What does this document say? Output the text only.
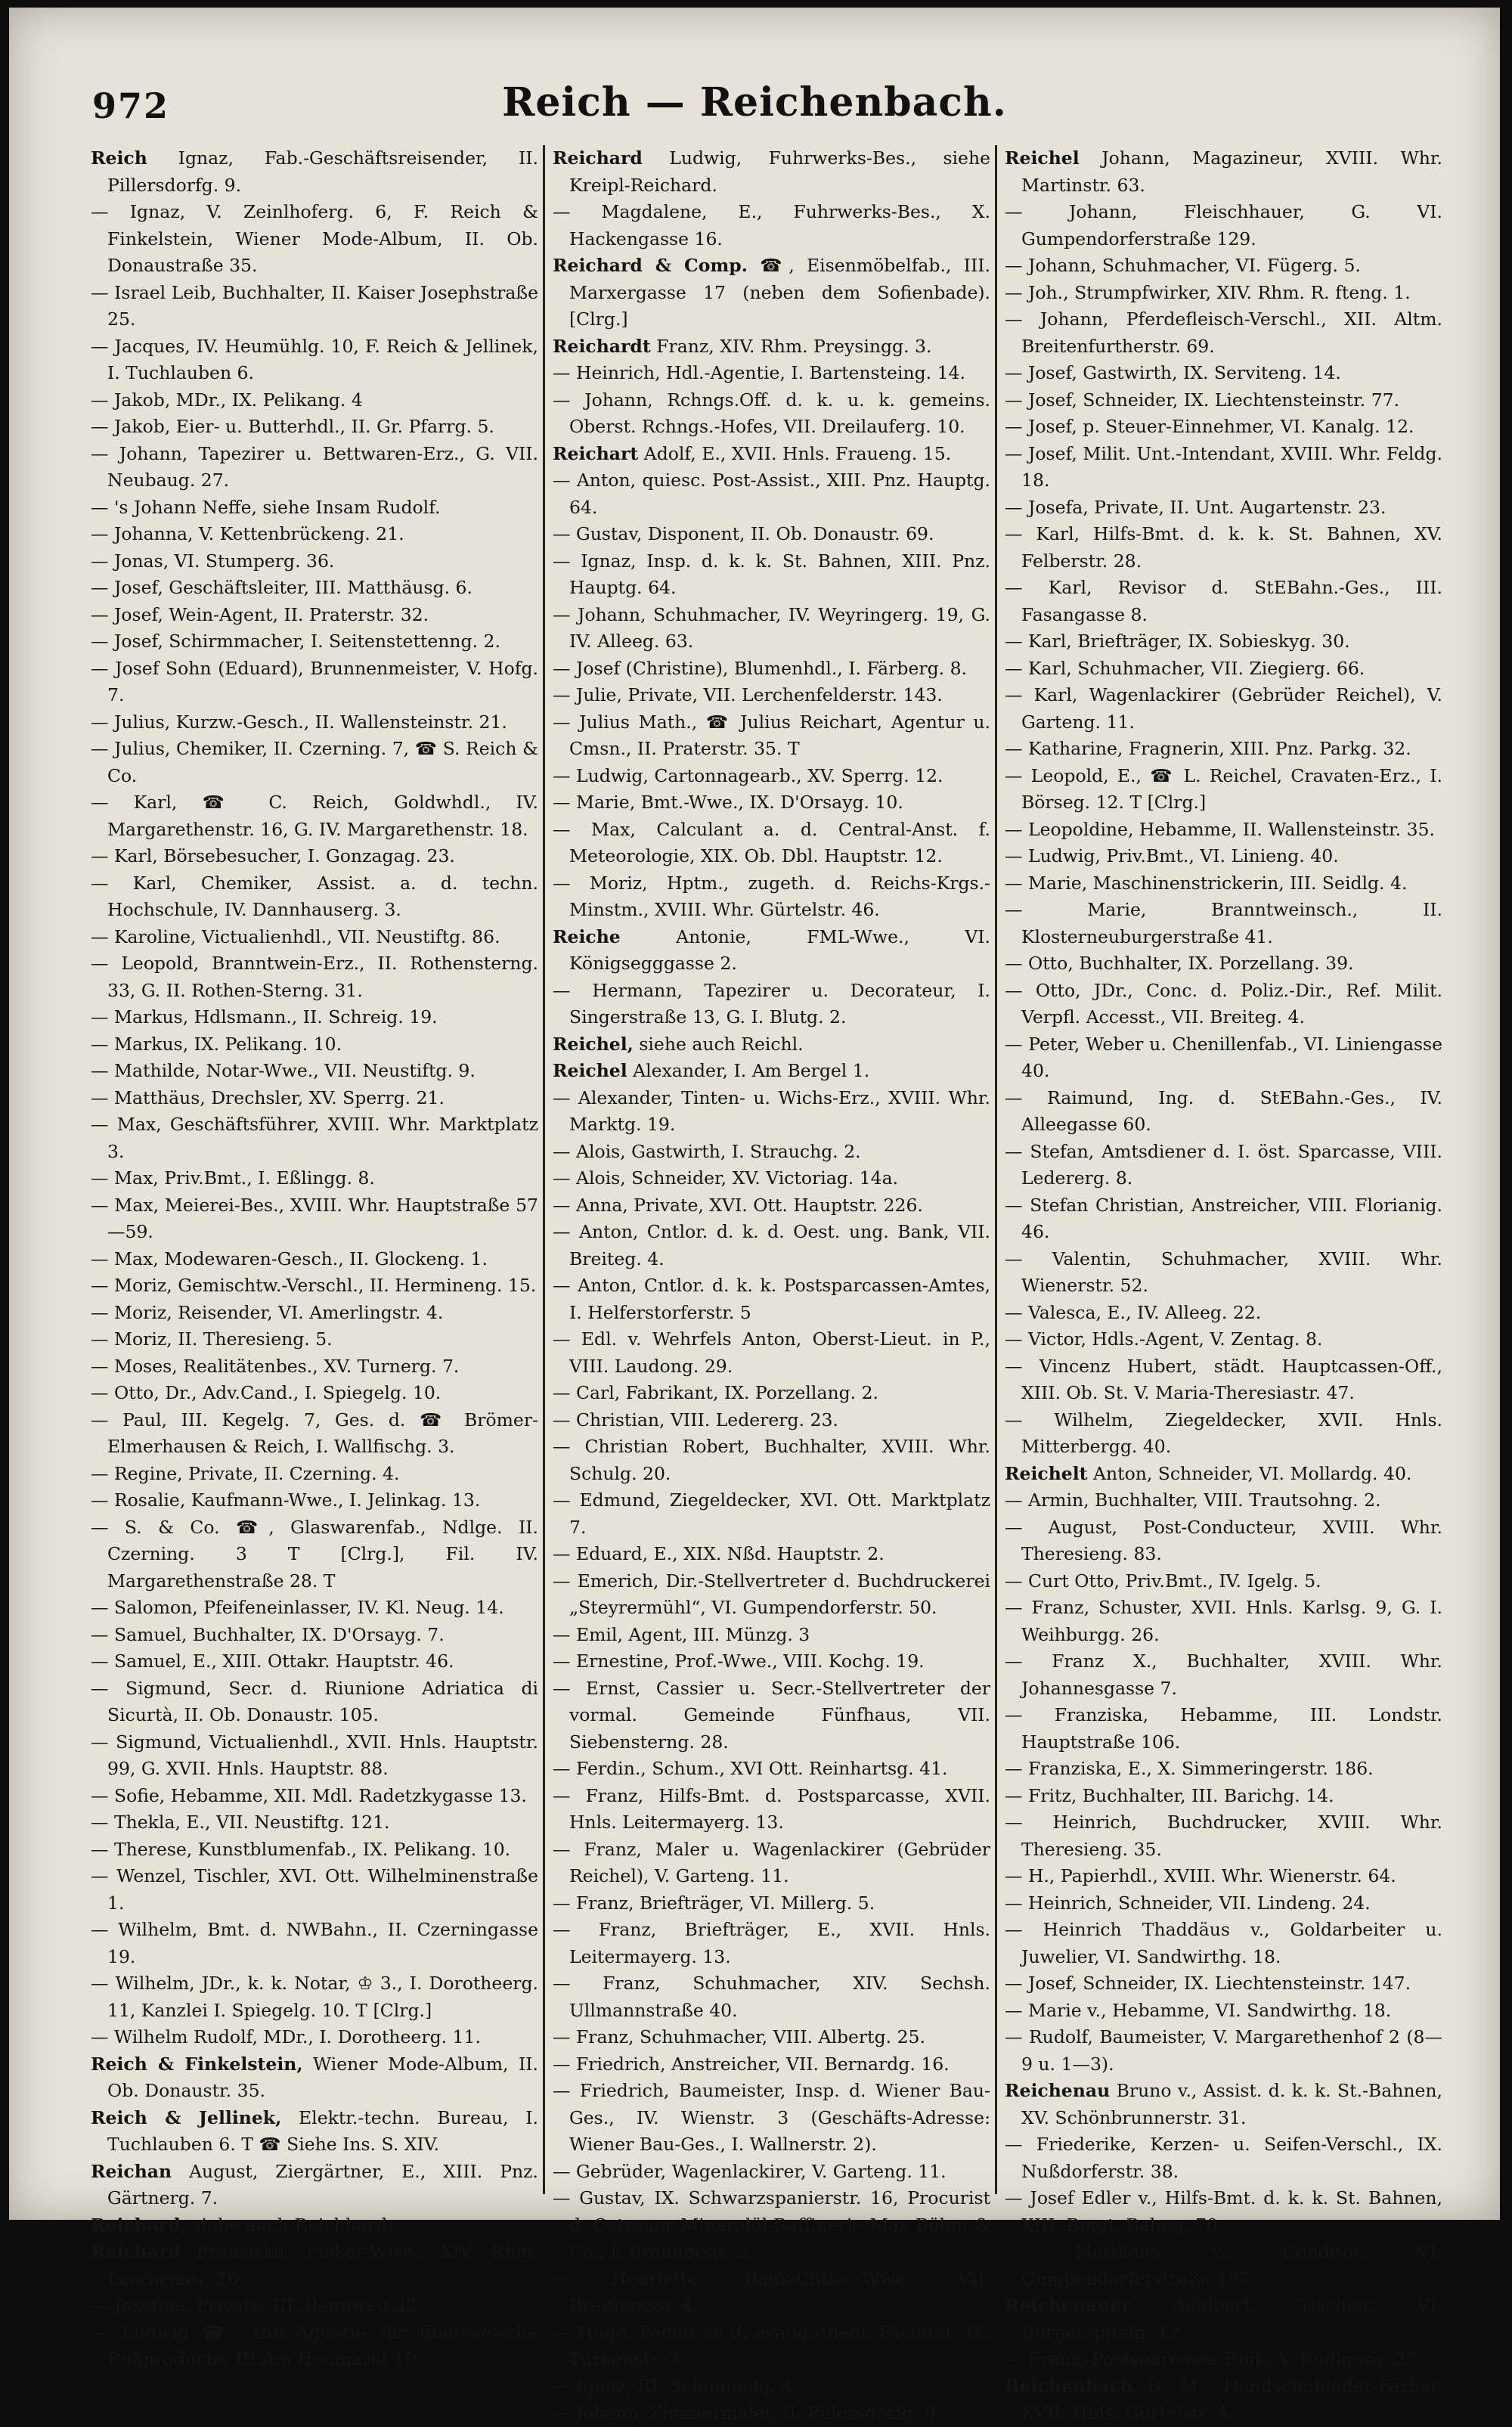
972	Reich — Reichenbach.
Reich Ignaz, Fab.-Geschäftsreisender, II. Pillersdorfg. 9.
— Ignaz, V. Zeinlhoferg. 6, F. Reich & Finkelstein, Wiener Mode-Album, II. Ob. Donaustraße 35.
— Israel Leib, Buchhalter, II. Kaiser Josephstraße 25.
— Jacques, IV. Heumühlg. 10, F. Reich & Jellinek, I. Tuchlauben 6.
— Jakob, MDr., IX. Pelikang. 4
— Jakob, Eier- u. Butterhdl., II. Gr. Pfarrg. 5.
— Johann, Tapezirer u. Bettwaren-Erz., G. VII. Neubaug. 27.
— 's Johann Neffe, siehe Insam Rudolf.
— Johanna, V. Kettenbrückeng. 21.
— Jonas, VI. Stumperg. 36.
— Josef, Geschäftsleiter, III. Matthäusg. 6.
— Josef, Wein-Agent, II. Praterstr. 32.
— Josef, Schirmmacher, I. Seitenstettenng. 2.
— Josef Sohn (Eduard), Brunnenmeister, V. Hofg. 7.
— Julius, Kurzw.-Gesch., II. Wallensteinstr. 21.
— Julius, Chemiker, II. Czerning. 7, ☎ S. Reich & Co.
— Karl, ☎ C. Reich, Goldwhdl., IV. Margarethenstr. 16, G. IV. Margarethenstr. 18.
— Karl, Börsebesucher, I. Gonzagag. 23.
— Karl, Chemiker, Assist. a. d. techn. Hochschule, IV. Dannhauserg. 3.
— Karoline, Victualienhdl., VII. Neustiftg. 86.
— Leopold, Branntwein-Erz., II. Rothensterng. 33, G. II. Rothen-Sterng. 31.
— Markus, Hdlsmann., II. Schreig. 19.
— Markus, IX. Pelikang. 10.
— Mathilde, Notar-Wwe., VII. Neustiftg. 9.
— Matthäus, Drechsler, XV. Sperrg. 21.
— Max, Geschäftsführer, XVIII. Whr. Marktplatz 3.
— Max, Priv.Bmt., I. Eßlingg. 8.
— Max, Meierei-Bes., XVIII. Whr. Hauptstraße 57—59.
— Max, Modewaren-Gesch., II. Glockeng. 1.
— Moriz, Gemischtw.-Verschl., II. Hermineng. 15.
— Moriz, Reisender, VI. Amerlingstr. 4.
— Moriz, II. Theresieng. 5.
— Moses, Realitätenbes., XV. Turnerg. 7.
— Otto, Dr., Adv.Cand., I. Spiegelg. 10.
— Paul, III. Kegelg. 7, Ges. d. ☎ Brömer-Elmerhausen & Reich, I. Wallfischg. 3.
— Regine, Private, II. Czerning. 4.
— Rosalie, Kaufmann-Wwe., I. Jelinkag. 13.
— S. & Co. ☎, Glaswarenfab., Ndlge. II. Czerning. 3 T [Clrg.], Fil. IV. Margarethenstraße 28. T
— Salomon, Pfeifeneinlasser, IV. Kl. Neug. 14.
— Samuel, Buchhalter, IX. D'Orsayg. 7.
— Samuel, E., XIII. Ottakr. Hauptstr. 46.
— Sigmund, Secr. d. Riunione Adriatica di Sicurtà, II. Ob. Donaustr. 105.
— Sigmund, Victualienhdl., XVII. Hnls. Hauptstr. 99, G. XVII. Hnls. Hauptstr. 88.
— Sofie, Hebamme, XII. Mdl. Radetzkygasse 13.
— Thekla, E., VII. Neustiftg. 121.
— Therese, Kunstblumenfab., IX. Pelikang. 10.
— Wenzel, Tischler, XVI. Ott. Wilhelminenstraße 1.
— Wilhelm, Bmt. d. NWBahn., II. Czerningasse 19.
— Wilhelm, JDr., k. k. Notar, ♔ 3., I. Dorotheerg. 11, Kanzlei I. Spiegelg. 10. T [Clrg.]
— Wilhelm Rudolf, MDr., I. Dorotheerg. 11.
Reich & Finkelstein, Wiener Mode-Album, II. Ob. Donaustr. 35.
Reich & Jellinek, Elektr.-techn. Bureau, I. Tuchlauben 6. T ☎ Siehe Ins. S. XIV.
Reichan August, Ziergärtner, E., XIII. Pnz. Gärtnerg. 7.
Reichard, siehe auch Reichhard.
Reichard Franziska, Fiaker-Wwe., XIV. Rhm. Lerchenstr. 26.
— Josefine, Private, III. Rennweg 32.
— Ludwig ☎, Hdl.-Agentie für überseeische Rohproducte, III Am Heumarkt 19.
Reichard Ludwig, Fuhrwerks-Bes., siehe Kreipl-Reichard.
— Magdalene, E., Fuhrwerks-Bes., X. Hackengasse 16.
Reichard & Comp. ☎, Eisenmöbelfab., III. Marxergasse 17 (neben dem Sofienbade). [Clrg.]
Reichardt Franz, XIV. Rhm. Preysingg. 3.
— Heinrich, Hdl.-Agentie, I. Bartensteing. 14.
— Johann, Rchngs.Off. d. k. u. k. gemeins. Oberst. Rchngs.-Hofes, VII. Dreilauferg. 10.
Reichart Adolf, E., XVII. Hnls. Fraueng. 15.
— Anton, quiesc. Post-Assist., XIII. Pnz. Hauptg. 64.
— Gustav, Disponent, II. Ob. Donaustr. 69.
— Ignaz, Insp. d. k. k. St. Bahnen, XIII. Pnz. Hauptg. 64.
— Johann, Schuhmacher, IV. Weyringerg. 19, G. IV. Alleeg. 63.
— Josef (Christine), Blumenhdl., I. Färberg. 8.
— Julie, Private, VII. Lerchenfelderstr. 143.
— Julius Math., ☎ Julius Reichart, Agentur u. Cmsn., II. Praterstr. 35. T
— Ludwig, Cartonnagearb., XV. Sperrg. 12.
— Marie, Bmt.-Wwe., IX. D'Orsayg. 10.
— Max, Calculant a. d. Central-Anst. f. Meteorologie, XIX. Ob. Dbl. Hauptstr. 12.
— Moriz, Hptm., zugeth. d. Reichs-Krgs.-Minstm., XVIII. Whr. Gürtelstr. 46.
Reiche Antonie, FML-Wwe., VI. Königsegggasse 2.
— Hermann, Tapezirer u. Decorateur, I. Singerstraße 13, G. I. Blutg. 2.
Reichel, siehe auch Reichl.
Reichel Alexander, I. Am Bergel 1.
— Alexander, Tinten- u. Wichs-Erz., XVIII. Whr. Marktg. 19.
— Alois, Gastwirth, I. Strauchg. 2.
— Alois, Schneider, XV. Victoriag. 14a.
— Anna, Private, XVI. Ott. Hauptstr. 226.
— Anton, Cntlor. d. k. d. Oest. ung. Bank, VII. Breiteg. 4.
— Anton, Cntlor. d. k. k. Postsparcassen-Amtes, I. Helferstorferstr. 5
— Edl. v. Wehrfels Anton, Oberst-Lieut. in P., VIII. Laudong. 29.
— Carl, Fabrikant, IX. Porzellang. 2.
— Christian, VIII. Ledererg. 23.
— Christian Robert, Buchhalter, XVIII. Whr. Schulg. 20.
— Edmund, Ziegeldecker, XVI. Ott. Marktplatz 7.
— Eduard, E., XIX. Nßd. Hauptstr. 2.
— Emerich, Dir.-Stellvertreter d. Buchdruckerei „Steyrermühl“, VI. Gumpendorferstr. 50.
— Emil, Agent, III. Münzg. 3
— Ernestine, Prof.-Wwe., VIII. Kochg. 19.
— Ernst, Cassier u. Secr.-Stellvertreter der vormal. Gemeinde Fünfhaus, VII. Siebensterng. 28.
— Ferdin., Schum., XVI Ott. Reinhartsg. 41.
— Franz, Hilfs-Bmt. d. Postsparcasse, XVII. Hnls. Leitermayerg. 13.
— Franz, Maler u. Wagenlackirer (Gebrüder Reichel), V. Garteng. 11.
— Franz, Briefträger, VI. Millerg. 5.
— Franz, Briefträger, E., XVII. Hnls. Leitermayerg. 13.
— Franz, Schuhmacher, XIV. Sechsh. Ullmannstraße 40.
— Franz, Schuhmacher, VIII. Albertg. 25.
— Friedrich, Anstreicher, VII. Bernardg. 16.
— Friedrich, Baumeister, Insp. d. Wiener Bau-Ges., IV. Wienstr. 3 (Geschäfts-Adresse: Wiener Bau-Ges., I. Wallnerstr. 2).
— Gebrüder, Wagenlackirer, V. Garteng. 11.
— Gustav, IX. Schwarzspanierstr. 16, Procurist d. Ostrauer Mineralöl-Raffinerie Max Böhm & Co., I. Bräunerstr. 2.
— Henriette, Bank-Cntlor.-Wwe., VII. Breitegasse 4.
— Hugo, Pedell an d. evang.-theol. Facultät, IX. Türkenstr. 3.
— Ignaz, III. Schimmelg. 4.
— Johann, Zimmermaler, II. Pillersdorfg. 8.
Reichel Johann, Magazineur, XVIII. Whr. Martinstr. 63.
— Johann, Fleischhauer, G. VI. Gumpendorferstraße 129.
— Johann, Schuhmacher, VI. Fügerg. 5.
— Joh., Strumpfwirker, XIV. Rhm. R. fteng. 1.
— Johann, Pferdefleisch-Verschl., XII. Altm. Breitenfurtherstr. 69.
— Josef, Gastwirth, IX. Serviteng. 14.
— Josef, Schneider, IX. Liechtensteinstr. 77.
— Josef, p. Steuer-Einnehmer, VI. Kanalg. 12.
— Josef, Milit. Unt.-Intendant, XVIII. Whr. Feldg. 18.
— Josefa, Private, II. Unt. Augartenstr. 23.
— Karl, Hilfs-Bmt. d. k. k. St. Bahnen, XV. Felberstr. 28.
— Karl, Revisor d. StEBahn.-Ges., III. Fasangasse 8.
— Karl, Briefträger, IX. Sobieskyg. 30.
— Karl, Schuhmacher, VII. Ziegierg. 66.
— Karl, Wagenlackirer (Gebrüder Reichel), V. Garteng. 11.
— Katharine, Fragnerin, XIII. Pnz. Parkg. 32.
— Leopold, E., ☎ L. Reichel, Cravaten-Erz., I. Börseg. 12. T [Clrg.]
— Leopoldine, Hebamme, II. Wallensteinstr. 35.
— Ludwig, Priv.Bmt., VI. Linieng. 40.
— Marie, Maschinenstrickerin, III. Seidlg. 4.
— Marie, Branntweinsch., II. Klosterneuburgerstraße 41.
— Otto, Buchhalter, IX. Porzellang. 39.
— Otto, JDr., Conc. d. Poliz.-Dir., Ref. Milit. Verpfl. Accesst., VII. Breiteg. 4.
— Peter, Weber u. Chenillenfab., VI. Liniengasse 40.
— Raimund, Ing. d. StEBahn.-Ges., IV. Alleegasse 60.
— Stefan, Amtsdiener d. I. öst. Sparcasse, VIII. Ledererg. 8.
— Stefan Christian, Anstreicher, VIII. Florianig. 46.
— Valentin, Schuhmacher, XVIII. Whr. Wienerstr. 52.
— Valesca, E., IV. Alleeg. 22.
— Victor, Hdls.-Agent, V. Zentag. 8.
— Vincenz Hubert, städt. Hauptcassen-Off., XIII. Ob. St. V. Maria-Theresiastr. 47.
— Wilhelm, Ziegeldecker, XVII. Hnls. Mitterbergg. 40.
Reichelt Anton, Schneider, VI. Mollardg. 40.
— Armin, Buchhalter, VIII. Trautsohng. 2.
— August, Post-Conducteur, XVIII. Whr. Theresieng. 83.
— Curt Otto, Priv.Bmt., IV. Igelg. 5.
— Franz, Schuster, XVII. Hnls. Karlsg. 9, G. I. Weihburgg. 26.
— Franz X., Buchhalter, XVIII. Whr. Johannesgasse 7.
— Franziska, Hebamme, III. Londstr. Hauptstraße 106.
— Franziska, E., X. Simmeringerstr. 186.
— Fritz, Buchhalter, III. Barichg. 14.
— Heinrich, Buchdrucker, XVIII. Whr. Theresieng. 35.
— H., Papierhdl., XVIII. Whr. Wienerstr. 64.
— Heinrich, Schneider, VII. Lindeng. 24.
— Heinrich Thaddäus v., Goldarbeiter u. Juwelier, VI. Sandwirthg. 18.
— Josef, Schneider, IX. Liechtensteinstr. 147.
— Marie v., Hebamme, VI. Sandwirthg. 18.
— Rudolf, Baumeister, V. Margarethenhof 2 (8—9 u. 1—3).
Reichenau Bruno v., Assist. d. k. k. St.-Bahnen, XV. Schönbrunnerstr. 31.
— Friederike, Kerzen- u. Seifen-Verschl., IX. Nußdorferstr. 38.
— Josef Edler v., Hilfs-Bmt. d. k. k. St. Bahnen, XIII. Bmgt. Bahng. 70.
— Matthäus v., Conditor, VI. Gumpendorferstraße 157.
Reichenauer Adalbert, Tischler, VI. Bürgerspitalg. 12.
— Franz, Postsparcasse-Bmt., V. Rüdigerg. 27.
Reichenbach B. M., Handschuhleder-Färber, XVII. Hnls. Gürtelstr. 4.
